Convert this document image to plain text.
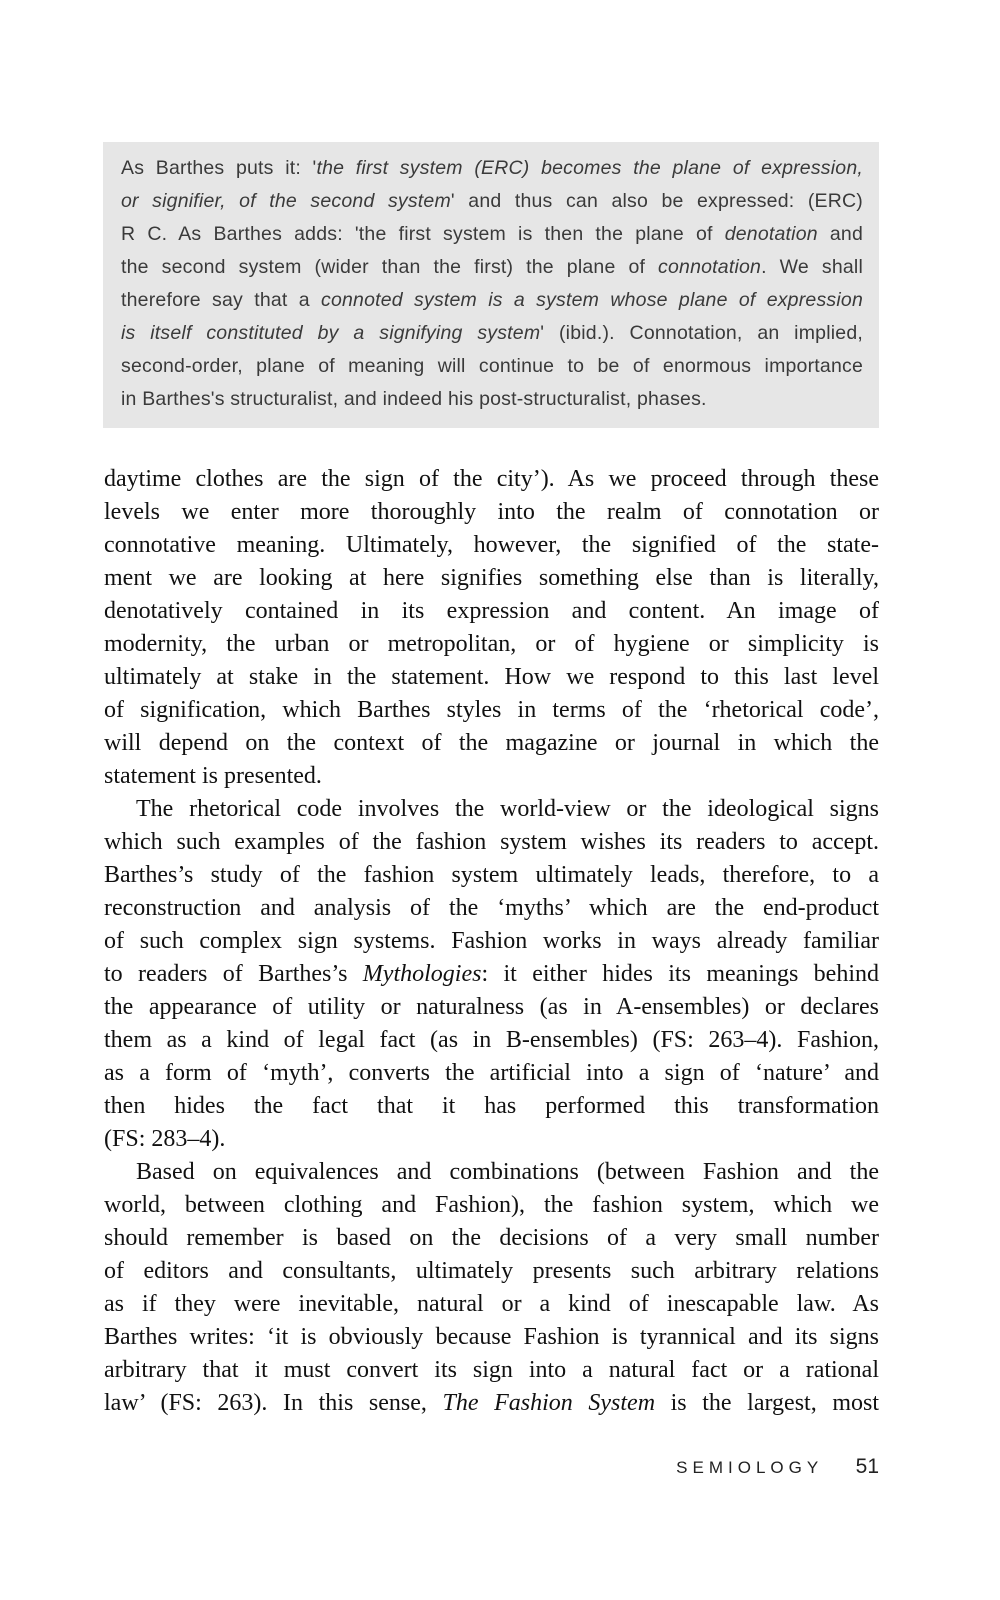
As Barthes puts it: 'the first system (ERC) becomes the plane of expression,
or signifier, of the second system' and thus can also be expressed: (ERC)
R C. As Barthes adds: 'the first system is then the plane of denotation and
the second system (wider than the first) the plane of connotation. We shall
therefore say that a connoted system is a system whose plane of expression
is itself constituted by a signifying system' (ibid.). Connotation, an implied,
second-order, plane of meaning will continue to be of enormous importance
in Barthes's structuralist, and indeed his post-structuralist, phases.
daytime clothes are the sign of the city’). As we proceed through these
levels we enter more thoroughly into the realm of connotation or
connotative meaning. Ultimately, however, the signified of the state-
ment we are looking at here signifies something else than is literally,
denotatively contained in its expression and content. An image of
modernity, the urban or metropolitan, or of hygiene or simplicity is
ultimately at stake in the statement. How we respond to this last level
of signification, which Barthes styles in terms of the ‘rhetorical code’,
will depend on the context of the magazine or journal in which the
statement is presented.
The rhetorical code involves the world-view or the ideological signs
which such examples of the fashion system wishes its readers to accept.
Barthes’s study of the fashion system ultimately leads, therefore, to a
reconstruction and analysis of the ‘myths’ which are the end-product
of such complex sign systems. Fashion works in ways already familiar
to readers of Barthes’s Mythologies: it either hides its meanings behind
the appearance of utility or naturalness (as in A-ensembles) or declares
them as a kind of legal fact (as in B-ensembles) (FS: 263–4). Fashion,
as a form of ‘myth’, converts the artificial into a sign of ‘nature’ and
then hides the fact that it has performed this transformation
(FS: 283–4).
Based on equivalences and combinations (between Fashion and the
world, between clothing and Fashion), the fashion system, which we
should remember is based on the decisions of a very small number
of editors and consultants, ultimately presents such arbitrary relations
as if they were inevitable, natural or a kind of inescapable law. As
Barthes writes: ‘it is obviously because Fashion is tyrannical and its signs
arbitrary that it must convert its sign into a natural fact or a rational
law’ (FS: 263). In this sense, The Fashion System is the largest, most
SEMIOLOGY 51
